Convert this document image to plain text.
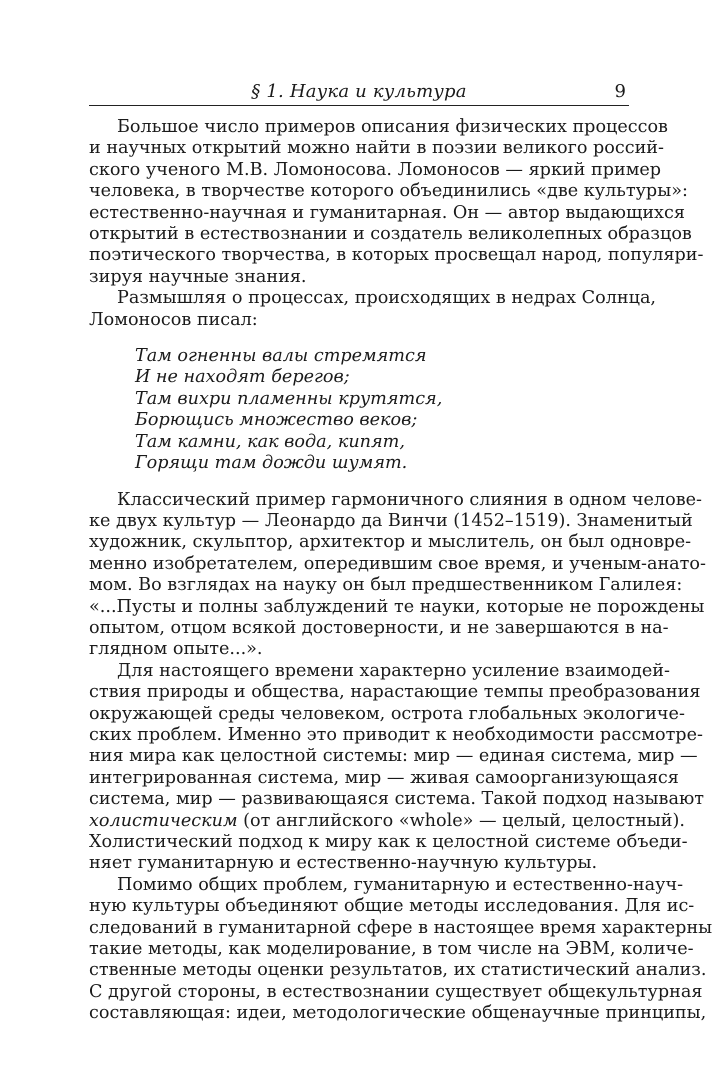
§ 1. Наука и культура	9
Большое число примеров описания физических процессов
и научных открытий можно найти в поэзии великого россий-
ского ученого М.В. Ломоносова. Ломоносов — яркий пример
человека, в творчестве которого объединились «две культуры»:
естественно-научная и гуманитарная. Он — автор выдающихся
открытий в естествознании и создатель великолепных образцов
поэтического творчества, в которых просвещал народ, популяри-
зируя научные знания.
Размышляя о процессах, происходящих в недрах Солнца,
Ломоносов писал:
Там огненны валы стремятся
И не находят берегов;
Там вихри пламенны крутятся,
Борющись множество веков;
Там камни, как вода, кипят,
Горящи там дожди шумят.
Классический пример гармоничного слияния в одном челове-
ке двух культур — Леонардо да Винчи (1452–1519). Знаменитый
художник, скульптор, архитектор и мыслитель, он был одновре-
менно изобретателем, опередившим свое время, и ученым-анато-
мом. Во взглядах на науку он был предшественником Галилея:
«...Пусты и полны заблуждений те науки, которые не порождены
опытом, отцом всякой достоверности, и не завершаются в на-
глядном опыте...».
Для настоящего времени характерно усиление взаимодей-
ствия природы и общества, нарастающие темпы преобразования
окружающей среды человеком, острота глобальных экологиче-
ских проблем. Именно это приводит к необходимости рассмотре-
ния мира как целостной системы: мир — единая система, мир —
интегрированная система, мир — живая самоорганизующаяся
система, мир — развивающаяся система. Такой подход называют
холистическим (от английского «whole» — целый, целостный).
Холистический подход к миру как к целостной системе объеди-
няет гуманитарную и естественно-научную культуры.
Помимо общих проблем, гуманитарную и естественно-науч-
ную культуры объединяют общие методы исследования. Для ис-
следований в гуманитарной сфере в настоящее время характерны
такие методы, как моделирование, в том числе на ЭВМ, количе-
ственные методы оценки результатов, их статистический анализ.
С другой стороны, в естествознании существует общекультурная
составляющая: идеи, методологические общенаучные принципы,
